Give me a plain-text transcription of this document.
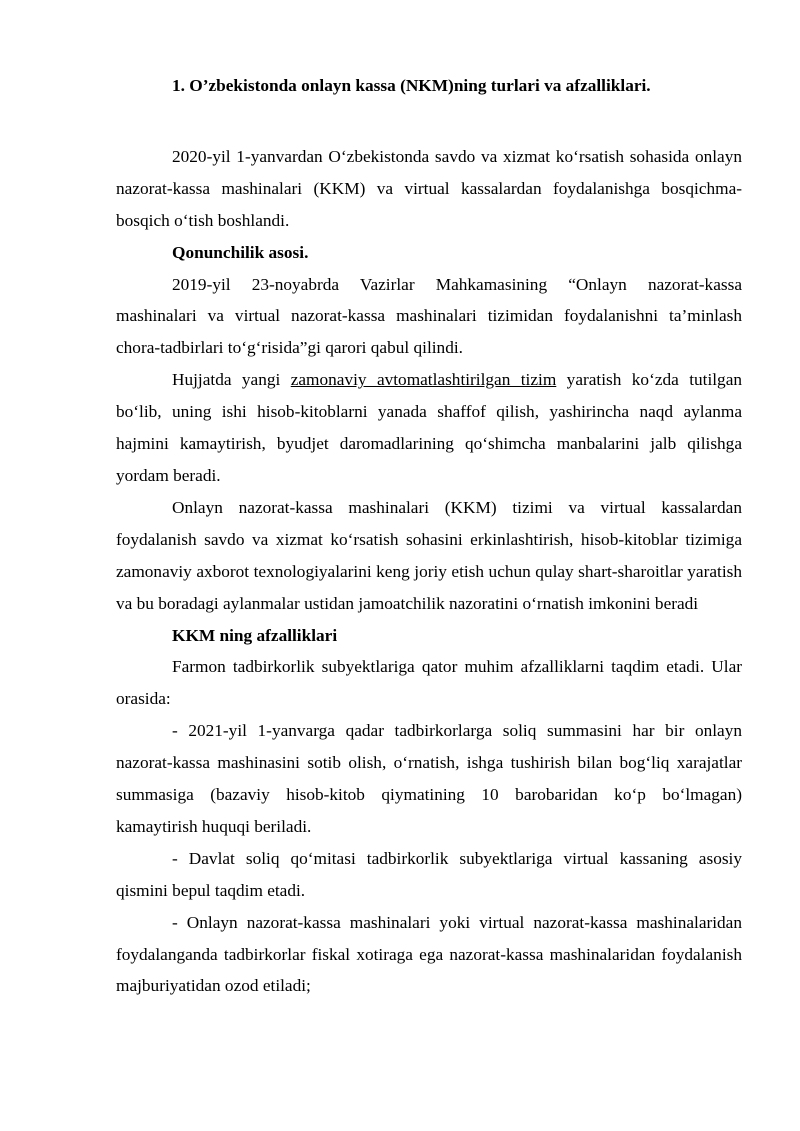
1. O’zbekistonda onlayn kassa (NKM)ning turlari va afzalliklari.

2020-yil 1-yanvardan O‘zbekistonda savdo va xizmat ko‘rsatish sohasida onlayn nazorat-kassa mashinalari (KKM) va virtual kassalardan foydalanishga bosqichma-bosqich o‘tish boshlandi.

Qonunchilik asosi.

2019-yil 23-noyabrda Vazirlar Mahkamasining “Onlayn nazorat-kassa mashinalari va virtual nazorat-kassa mashinalari tizimidan foydalanishni ta’minlash chora-tadbirlari to‘g‘risida”gi qarori qabul qilindi.

Hujjatda yangi zamonaviy avtomatlashtirilgan tizim yaratish ko‘zda tutilgan bo‘lib, uning ishi hisob-kitoblarni yanada shaffof qilish, yashirincha naqd aylanma hajmini kamaytirish, byudjet daromadlarining qo‘shimcha manbalarini jalb qilishga yordam beradi.

Onlayn nazorat-kassa mashinalari (KKM) tizimi va virtual kassalardan foydalanish savdo va xizmat ko‘rsatish sohasini erkinlashtirish, hisob-kitoblar tizimiga zamonaviy axborot texnologiyalarini keng joriy etish uchun qulay shart-sharoitlar yaratish va bu boradagi aylanmalar ustidan jamoatchilik nazoratini o‘rnatish imkonini beradi

KKM ning afzalliklari

Farmon tadbirkorlik subyektlariga qator muhim afzalliklarni taqdim etadi. Ular orasida:

- 2021-yil 1-yanvarga qadar tadbirkorlarga soliq summasini har bir onlayn nazorat-kassa mashinasini sotib olish, o‘rnatish, ishga tushirish bilan bog‘liq xarajatlar summasiga (bazaviy hisob-kitob qiymatining 10 barobaridan ko‘p bo‘lmagan) kamaytirish huquqi beriladi.

- Davlat soliq qo‘mitasi tadbirkorlik subyektlariga virtual kassaning asosiy qismini bepul taqdim etadi.

- Onlayn nazorat-kassa mashinalari yoki virtual nazorat-kassa mashinalaridan foydalanganda tadbirkorlar fiskal xotiraga ega nazorat-kassa mashinalaridan foydalanish majburiyatidan ozod etiladi;
